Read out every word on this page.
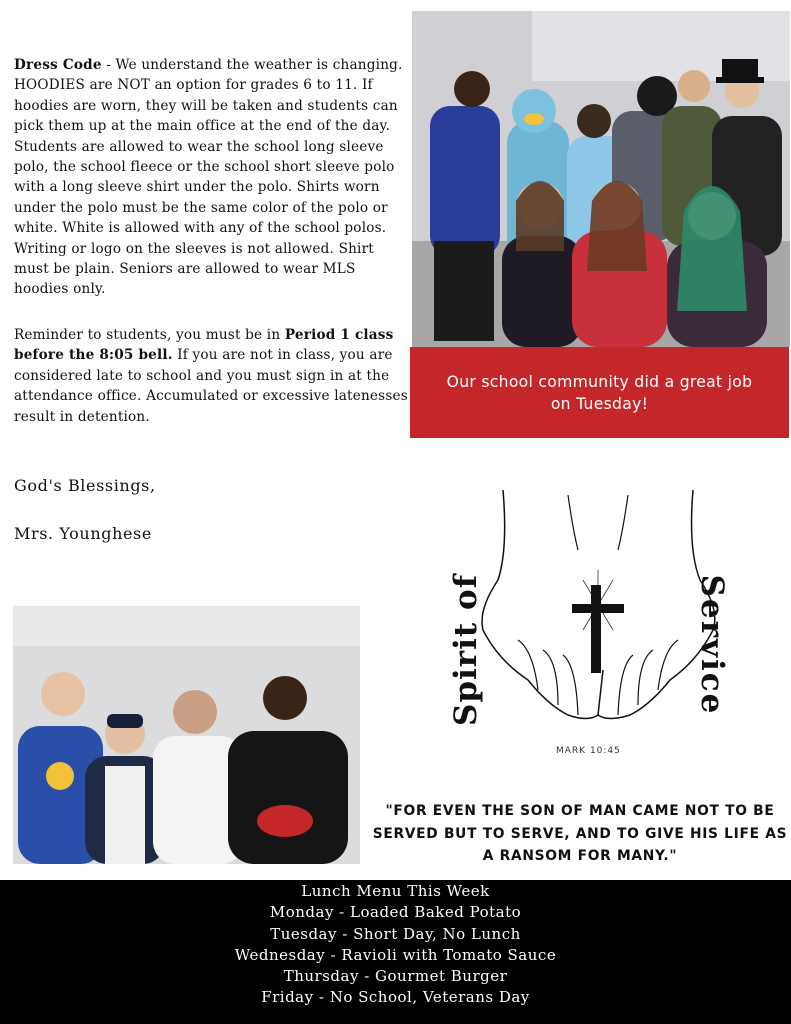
Dress Code - We understand the weather is changing. HOODIES are NOT an option for grades 6 to 11. If hoodies are worn, they will be taken and students can pick them up at the main office at the end of the day. Students are allowed to wear the school long sleeve polo, the school fleece or the school short sleeve polo with a long sleeve shirt under the polo. Shirts worn under the polo must be the same color of the polo or white. White is allowed with any of the school polos. Writing or logo on the sleeves is not allowed. Shirt must be plain. Seniors are allowed to wear MLS hoodies only.

Reminder to students, you must be in Period 1 class before the 8:05 bell. If you are not in class, you are considered late to school and you must sign in at the attendance office. Accumulated or excessive latenesses result in detention.

God's Blessings,
Mrs. Younghese
Our school community did a great job on Tuesday!
Spirit of	Service
MARK 10:45
"FOR EVEN THE SON OF MAN CAME NOT TO BE SERVED BUT TO SERVE, AND TO GIVE HIS LIFE AS A RANSOM FOR MANY."
Lunch Menu This Week
Monday - Loaded Baked Potato
Tuesday - Short Day, No Lunch
Wednesday - Ravioli with Tomato Sauce
Thursday - Gourmet Burger
Friday - No School, Veterans Day
